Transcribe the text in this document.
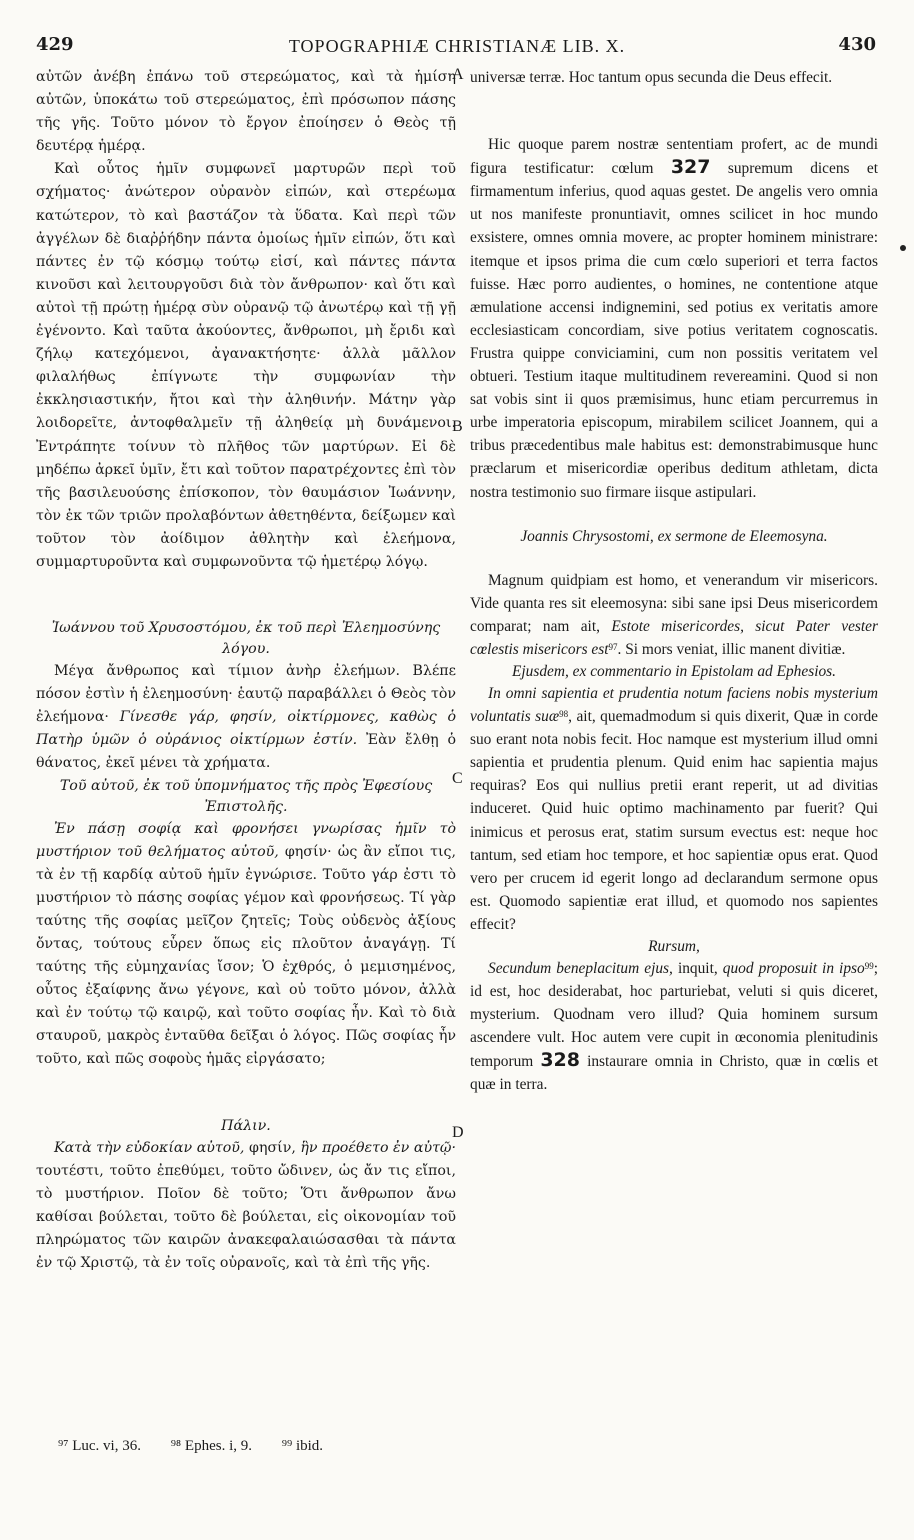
429	TOPOGRAPHIÆ CHRISTIANÆ LIB. X.	430

αὐτῶν ἀνέβη ἐπάνω τοῦ στερεώματος, καὶ τὰ ἡμίση αὐτῶν, ὑποκάτω τοῦ στερεώματος, ἐπὶ πρόσωπον πάσης τῆς γῆς. Τοῦτο μόνον τὸ ἔργον ἐποίησεν ὁ Θεὸς τῇ δευτέρᾳ ἡμέρᾳ.

Καὶ οὗτος ἡμῖν συμφωνεῖ μαρτυρῶν περὶ τοῦ σχήματος· ἀνώτερον οὐρανὸν εἰπών, καὶ στερέωμα κατώτερον, τὸ καὶ βαστάζον τὰ ὕδατα. Καὶ περὶ τῶν ἀγγέλων δὲ διαῤῥήδην πάντα ὁμοίως ἡμῖν εἰπών, ὅτι καὶ πάντες ἐν τῷ κόσμῳ τούτῳ εἰσί, καὶ πάντες πάντα κινοῦσι καὶ λειτουργοῦσι διὰ τὸν ἄνθρωπον· καὶ ὅτι καὶ αὐτοὶ τῇ πρώτῃ ἡμέρᾳ σὺν οὐρανῷ τῷ ἀνωτέρῳ καὶ τῇ γῇ ἐγένοντο. Καὶ ταῦτα ἀκούοντες, ἄνθρωποι, μὴ ἔριδι καὶ ζήλῳ κατεχόμενοι, ἀγανακτήσητε· ἀλλὰ μᾶλλον φιλαλήθως ἐπίγνωτε τὴν συμφωνίαν τὴν ἐκκλησιαστικήν, ἤτοι καὶ τὴν ἀληθινήν. Μάτην γὰρ λοιδορεῖτε, ἀντοφθαλμεῖν τῇ ἀληθείᾳ μὴ δυνάμενοι. Ἐντράπητε τοίνυν τὸ πλῆθος τῶν μαρτύρων. Εἰ δὲ μηδέπω ἀρκεῖ ὑμῖν, ἔτι καὶ τοῦτον παρατρέχοντες ἐπὶ τὸν τῆς βασιλευούσης ἐπίσκοπον, τὸν θαυμάσιον Ἰωάννην, τὸν ἐκ τῶν τριῶν προλαβόντων ἀθετηθέντα, δείξωμεν καὶ τοῦτον τὸν ἀοίδιμον ἀθλητὴν καὶ ἐλεήμονα, συμμαρτυροῦντα καὶ συμφωνοῦντα τῷ ἡμετέρῳ λόγῳ.

Ἰωάννου τοῦ Χρυσοστόμου, ἐκ τοῦ περὶ Ἐλεημοσύνης λόγου.

Μέγα ἄνθρωπος καὶ τίμιον ἀνὴρ ἐλεήμων. Βλέπε πόσον ἐστὶν ἡ ἐλεημοσύνη· ἑαυτῷ παραβάλλει ὁ Θεὸς τὸν ἐλεήμονα· Γίνεσθε γάρ, φησίν, οἰκτίρμονες, καθὼς ὁ Πατὴρ ὑμῶν ὁ οὐράνιος οἰκτίρμων ἐστίν. Ἐὰν ἔλθῃ ὁ θάνατος, ἐκεῖ μένει τὰ χρήματα.

Τοῦ αὐτοῦ, ἐκ τοῦ ὑπομνήματος τῆς πρὸς Ἐφεσίους Ἐπιστολῆς.

Ἐν πάσῃ σοφίᾳ καὶ φρονήσει γνωρίσας ἡμῖν τὸ μυστήριον τοῦ θελήματος αὐτοῦ, φησίν· ὡς ἂν εἴποι τις, τὰ ἐν τῇ καρδίᾳ αὐτοῦ ἡμῖν ἐγνώρισε. Τοῦτο γάρ ἐστι τὸ μυστήριον τὸ πάσης σοφίας γέμον καὶ φρονήσεως. Τί γὰρ ταύτης τῆς σοφίας μεῖζον ζητεῖς; Τοὺς οὐδενὸς ἀξίους ὄντας, τούτους εὗρεν ὅπως εἰς πλοῦτον ἀναγάγῃ. Τί ταύτης τῆς εὐμηχανίας ἴσον; Ὁ ἐχθρός, ὁ μεμισημένος, οὗτος ἐξαίφνης ἄνω γέγονε, καὶ οὐ τοῦτο μόνον, ἀλλὰ καὶ ἐν τούτῳ τῷ καιρῷ, καὶ τοῦτο σοφίας ἦν. Καὶ τὸ διὰ σταυροῦ, μακρὸς ἐνταῦθα δεῖξαι ὁ λόγος. Πῶς σοφίας ἦν τοῦτο, καὶ πῶς σοφοὺς ἡμᾶς εἰργάσατο;

Πάλιν.

Κατὰ τὴν εὐδοκίαν αὐτοῦ, φησίν, ἣν προέθετο ἐν αὐτῷ· τουτέστι, τοῦτο ἐπεθύμει, τοῦτο ὤδινεν, ὡς ἄν τις εἴποι, τὸ μυστήριον. Ποῖον δὲ τοῦτο; Ὅτι ἄνθρωπον ἄνω καθίσαι βούλεται, τοῦτο δὲ βούλεται, εἰς οἰκονομίαν τοῦ πληρώματος τῶν καιρῶν ἀνακεφαλαιώσασθαι τὰ πάντα ἐν τῷ Χριστῷ, τὰ ἐν τοῖς οὐρανοῖς, καὶ τὰ ἐπὶ τῆς γῆς.

universæ terræ. Hoc tantum opus secunda die Deus effecit.

Hic quoque parem nostræ sententiam profert, ac de mundi figura testificatur: cœlum 327 supremum dicens et firmamentum inferius, quod aquas gestet. De angelis vero omnia ut nos manifeste pronuntiavit, omnes scilicet in hoc mundo exsistere, omnes omnia movere, ac propter hominem ministrare: itemque et ipsos prima die cum cœlo superiori et terra factos fuisse. Hæc porro audientes, o homines, ne contentione atque æmulatione accensi indignemini, sed potius ex veritatis amore ecclesiasticam concordiam, sive potius veritatem cognoscatis. Frustra quippe conviciamini, cum non possitis veritatem vel obtueri. Testium itaque multitudinem revereamini. Quod si non sat vobis sint ii quos præmisimus, hunc etiam percurremus in urbe imperatoria episcopum, mirabilem scilicet Joannem, qui a tribus præcedentibus male habitus est: demonstrabimusque hunc præclarum et misericordiæ operibus deditum athletam, dicta nostra testimonio suo firmare iisque astipulari.

Joannis Chrysostomi, ex sermone de Eleemosyna.

Magnum quidpiam est homo, et venerandum vir misericors. Vide quanta res sit eleemosyna: sibi sane ipsi Deus misericordem comparat; nam ait, Estote misericordes, sicut Pater vester cœlestis misericors est$^{97}$. Si mors veniat, illic manent divitiæ.

Ejusdem, ex commentario in Epistolam ad Ephesios.

In omni sapientia et prudentia notum faciens nobis mysterium voluntatis suæ$^{98}$, ait, quemadmodum si quis dixerit, Quæ in corde suo erant nota nobis fecit. Hoc namque est mysterium illud omni sapientia et prudentia plenum. Quid enim hac sapientia majus requiras? Eos qui nullius pretii erant reperit, ut ad divitias induceret. Quid huic optimo machinamento par fuerit? Qui inimicus et perosus erat, statim sursum evectus est: neque hoc tantum, sed etiam hoc tempore, et hoc sapientiæ opus erat. Quod vero per crucem id egerit longo ad declarandum sermone opus est. Quomodo sapientiæ erat illud, et quomodo nos sapientes effecit?

Rursum,

Secundum beneplacitum ejus, inquit, quod proposuit in ipso$^{99}$; id est, hoc desiderabat, hoc parturiebat, veluti si quis diceret, mysterium. Quodnam vero illud? Quia hominem sursum ascendere vult. Hoc autem vere cupit in œconomia plenitudinis temporum 328 instaurare omnia in Christo, quæ in cœlis et quæ in terra.

A
B
C
D
⁹⁷ Luc. vi, 36. ⁹⁸ Ephes. i, 9. ⁹⁹ ibid.
